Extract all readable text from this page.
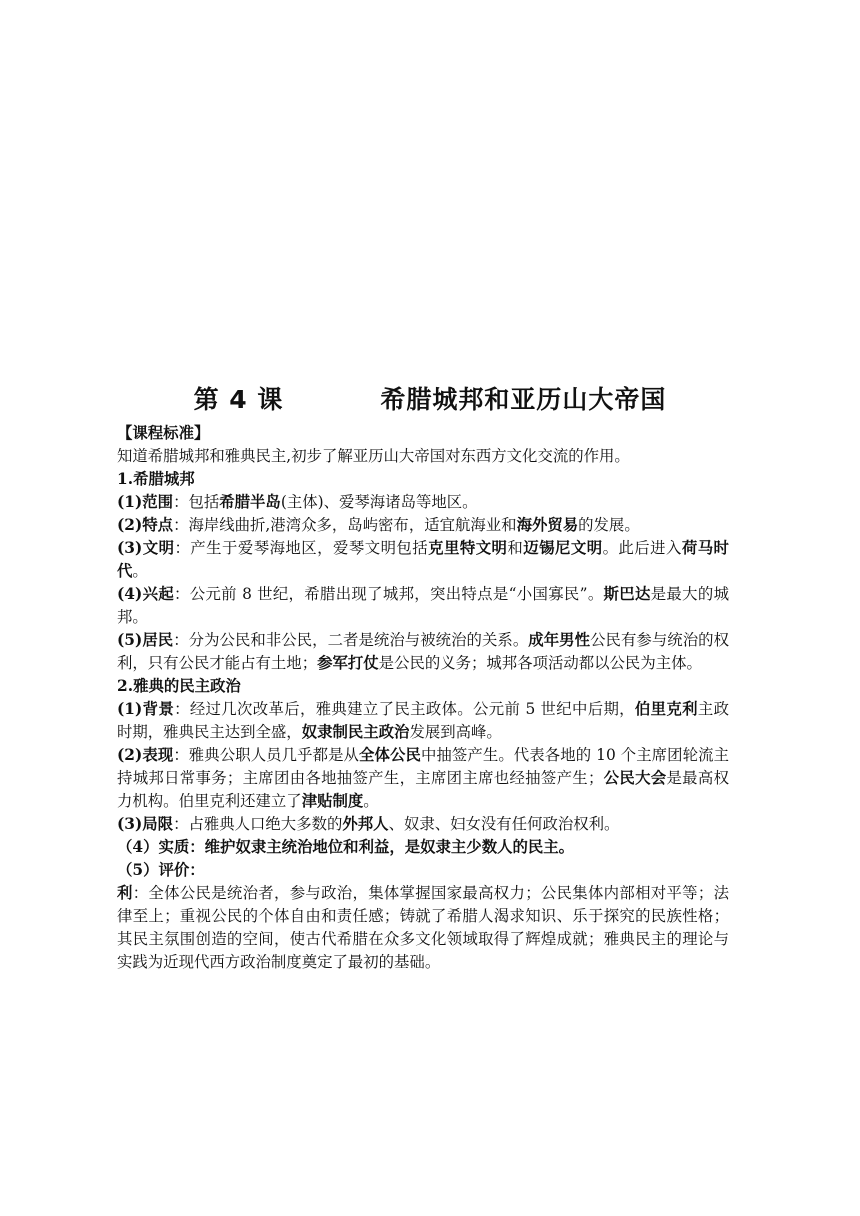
第 4 课          希腊城邦和亚历山大帝国

【课程标准】

知道希腊城邦和雅典民主,初步了解亚历山大帝国对东西方文化交流的作用。

1.希腊城邦

(1)范围：包括希腊半岛(主体)、爱琴海诸岛等地区。

(2)特点：海岸线曲折,港湾众多，岛屿密布，适宜航海业和海外贸易的发展。

(3)文明：产生于爱琴海地区，爱琴文明包括克里特文明和迈锡尼文明。此后进入荷马时代。

(4)兴起：公元前 8 世纪，希腊出现了城邦，突出特点是“小国寡民”。斯巴达是最大的城邦。

(5)居民：分为公民和非公民，二者是统治与被统治的关系。成年男性公民有参与统治的权利，只有公民才能占有土地；参军打仗是公民的义务；城邦各项活动都以公民为主体。

2.雅典的民主政治

(1)背景：经过几次改革后，雅典建立了民主政体。公元前 5 世纪中后期，伯里克利主政时期，雅典民主达到全盛，奴隶制民主政治发展到高峰。

(2)表现：雅典公职人员几乎都是从全体公民中抽签产生。代表各地的 10 个主席团轮流主持城邦日常事务；主席团由各地抽签产生，主席团主席也经抽签产生；公民大会是最高权力机构。伯里克利还建立了津贴制度。

(3)局限：占雅典人口绝大多数的外邦人、奴隶、妇女没有任何政治权利。

（4）实质：维护奴隶主统治地位和利益，是奴隶主少数人的民主。

（5）评价：

利：全体公民是统治者，参与政治，集体掌握国家最高权力；公民集体内部相对平等；法律至上；重视公民的个体自由和责任感；铸就了希腊人渴求知识、乐于探究的民族性格；其民主氛围创造的空间，使古代希腊在众多文化领域取得了辉煌成就；雅典民主的理论与实践为近现代西方政治制度奠定了最初的基础。
